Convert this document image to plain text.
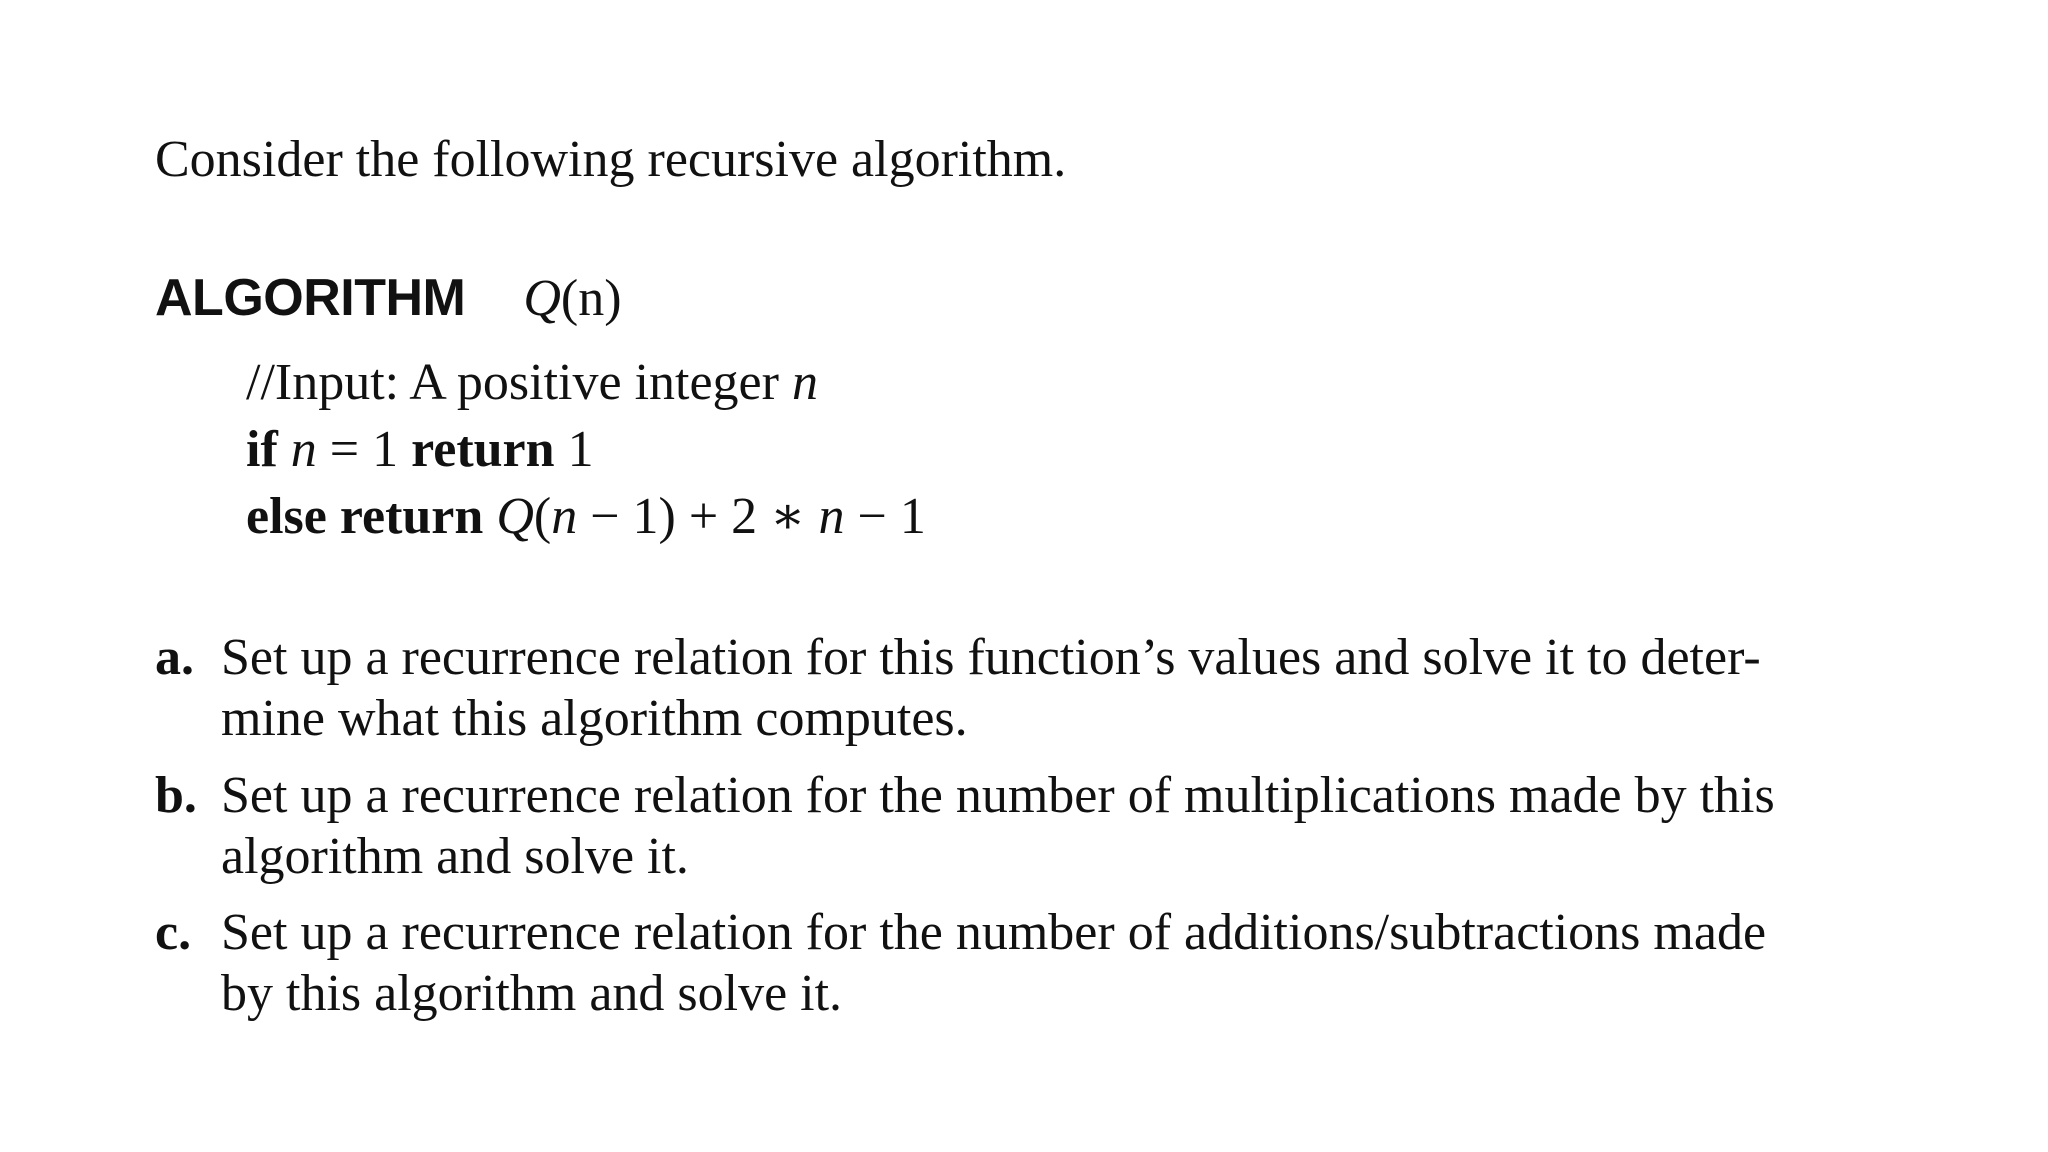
Consider the following recursive algorithm.
ALGORITHM Q(n)
//Input: A positive integer n
if n = 1 return 1
else return Q(n − 1) + 2 ∗ n − 1
a. Set up a recurrence relation for this function’s values and solve it to deter-
mine what this algorithm computes.
b. Set up a recurrence relation for the number of multiplications made by this
algorithm and solve it.
c. Set up a recurrence relation for the number of additions/subtractions made
by this algorithm and solve it.
